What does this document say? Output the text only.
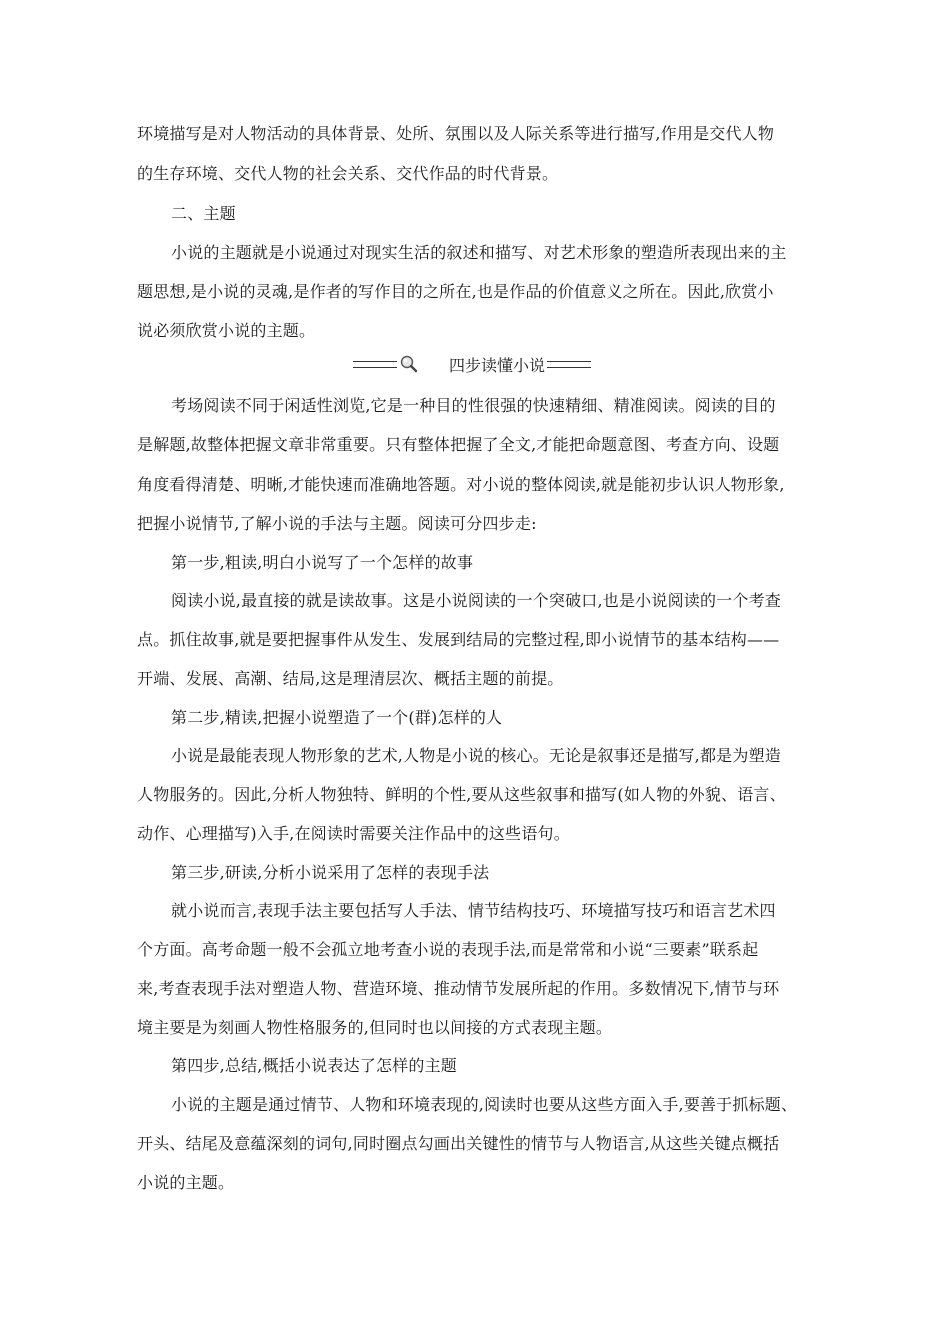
环境描写是对人物活动的具体背景、处所、氛围以及人际关系等进行描写,作用是交代人物
的生存环境、交代人物的社会关系、交代作品的时代背景。
二、主题
小说的主题就是小说通过对现实生活的叙述和描写、对艺术形象的塑造所表现出来的主
题思想,是小说的灵魂,是作者的写作目的之所在,也是作品的价值意义之所在。因此,欣赏小
说必须欣赏小说的主题。
四步读懂小说
考场阅读不同于闲适性浏览,它是一种目的性很强的快速精细、精准阅读。阅读的目的
是解题,故整体把握文章非常重要。只有整体把握了全文,才能把命题意图、考查方向、设题
角度看得清楚、明晰,才能快速而准确地答题。对小说的整体阅读,就是能初步认识人物形象,
把握小说情节,了解小说的手法与主题。阅读可分四步走:
第一步,粗读,明白小说写了一个怎样的故事
阅读小说,最直接的就是读故事。这是小说阅读的一个突破口,也是小说阅读的一个考查
点。抓住故事,就是要把握事件从发生、发展到结局的完整过程,即小说情节的基本结构——
开端、发展、高潮、结局,这是理清层次、概括主题的前提。
第二步,精读,把握小说塑造了一个(群)怎样的人
小说是最能表现人物形象的艺术,人物是小说的核心。无论是叙事还是描写,都是为塑造
人物服务的。因此,分析人物独特、鲜明的个性,要从这些叙事和描写(如人物的外貌、语言、
动作、心理描写)入手,在阅读时需要关注作品中的这些语句。
第三步,研读,分析小说采用了怎样的表现手法
就小说而言,表现手法主要包括写人手法、情节结构技巧、环境描写技巧和语言艺术四
个方面。高考命题一般不会孤立地考查小说的表现手法,而是常常和小说“三要素”联系起
来,考查表现手法对塑造人物、营造环境、推动情节发展所起的作用。多数情况下,情节与环
境主要是为刻画人物性格服务的,但同时也以间接的方式表现主题。
第四步,总结,概括小说表达了怎样的主题
小说的主题是通过情节、人物和环境表现的,阅读时也要从这些方面入手,要善于抓标题、
开头、结尾及意蕴深刻的词句,同时圈点勾画出关键性的情节与人物语言,从这些关键点概括
小说的主题。
